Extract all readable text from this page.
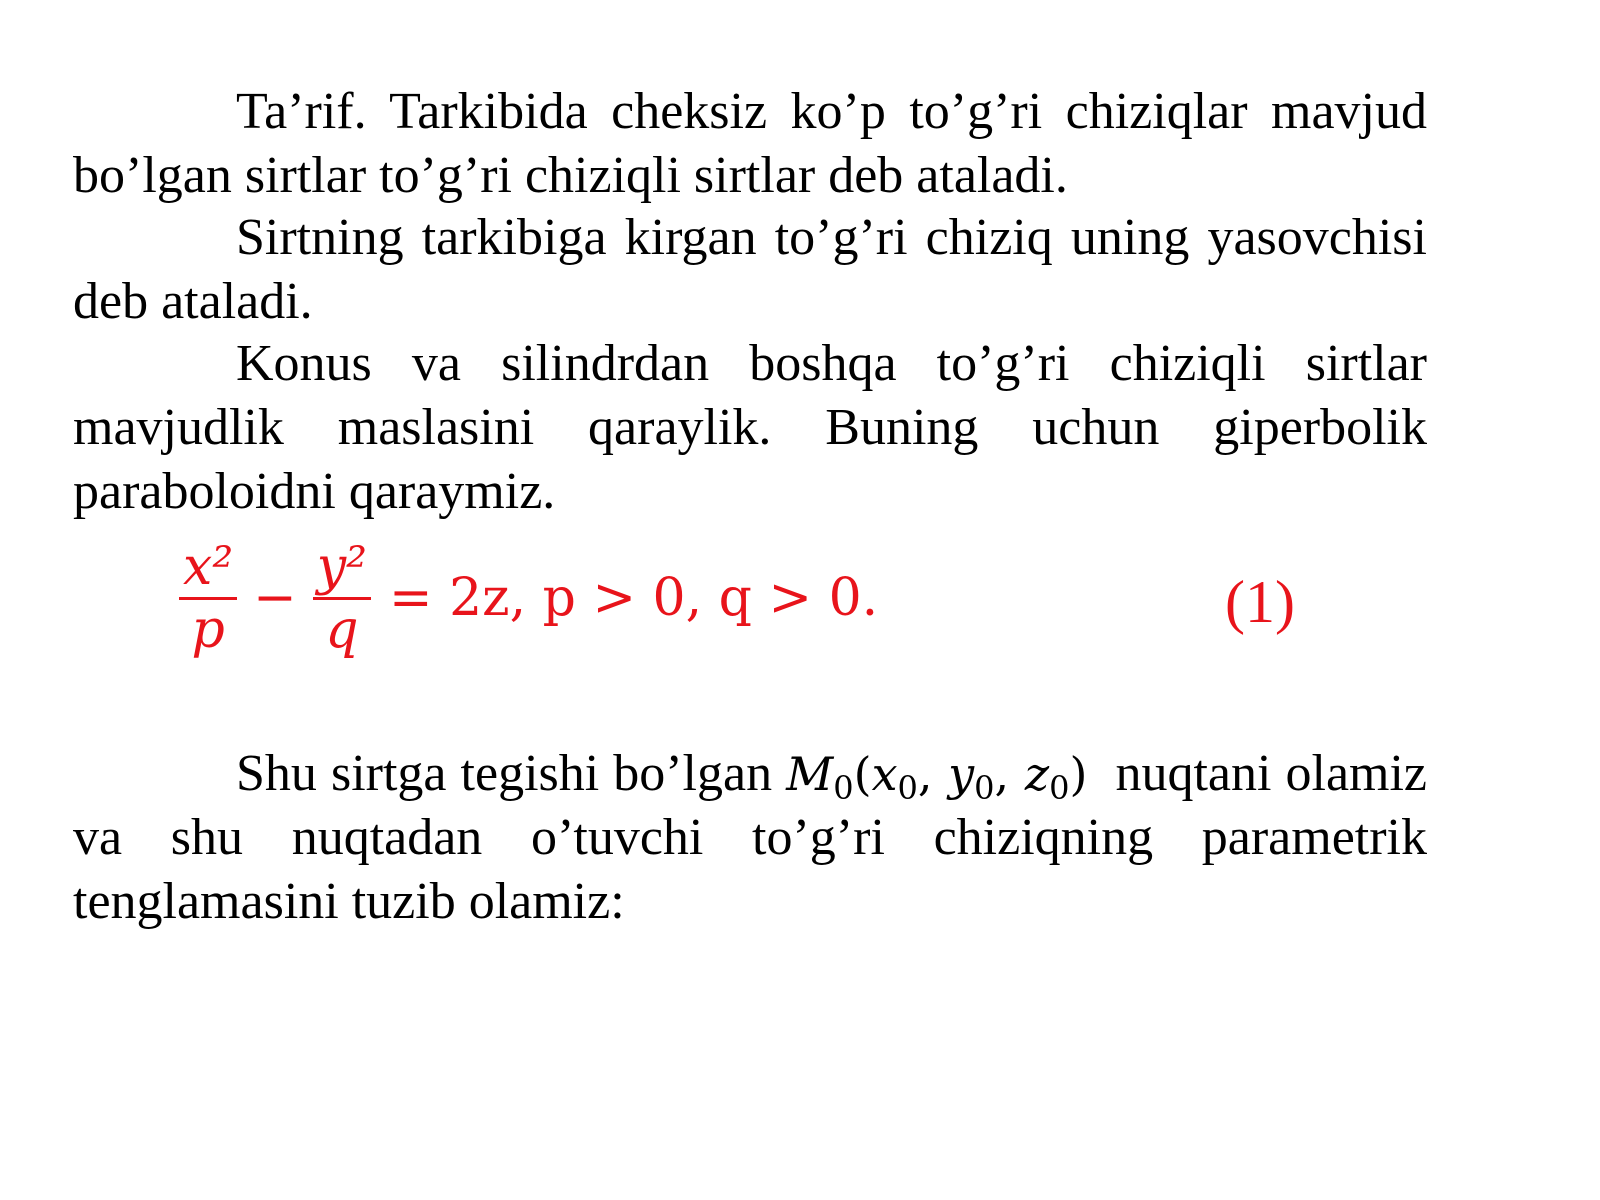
Ta’rif. Tarkibida cheksiz ko’p to’g’ri chiziqlar mavjud bo’lgan sirtlar to’g’ri chiziqli sirtlar deb ataladi.

Sirtning tarkibiga kirgan to’g’ri chiziq uning yasovchisi deb ataladi.

Konus va silindrdan boshqa to’g’ri chiziqli sirtlar mavjudlik maslasini qaraylik. Buning uchun giperbolik paraboloidni qaraymiz.

$\frac{\text{x²}}{p} - \frac{\text{y²}}{q} = 2z$, p > 0, q > 0.	(1)

Shu sirtga tegishi bo’lgan $M_0(x_0$, $y_0$, $z_0$) nuqtani olamiz va shu nuqtadan o’tuvchi to’g’ri chiziqning parametrik tenglamasini tuzib olamiz:
